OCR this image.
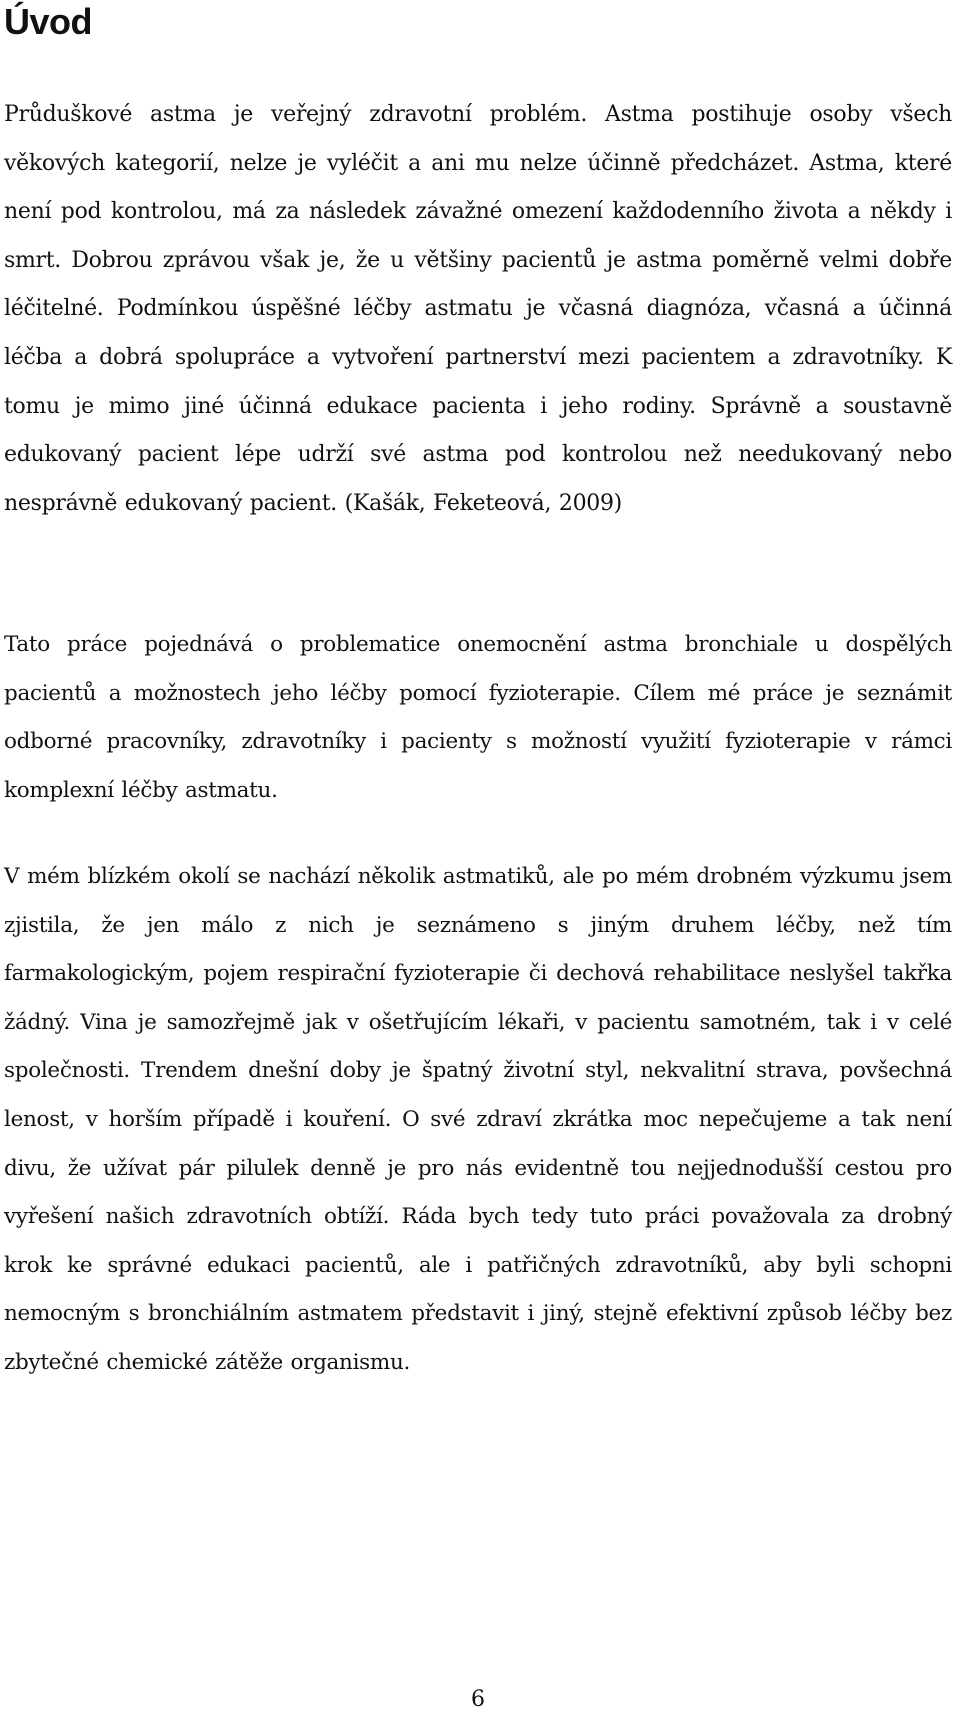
Úvod

Průduškové astma je veřejný zdravotní problém. Astma postihuje osoby všech věkových kategorií, nelze je vyléčit a ani mu nelze účinně předcházet. Astma, které není pod kontrolou, má za následek závažné omezení každodenního života a někdy i smrt. Dobrou zprávou však je, že u většiny pacientů je astma poměrně velmi dobře léčitelné. Podmínkou úspěšné léčby astmatu je včasná diagnóza, včasná a účinná léčba a dobrá spolupráce a vytvoření partnerství mezi pacientem a zdravotníky. K tomu je mimo jiné účinná edukace pacienta i jeho rodiny. Správně a soustavně edukovaný pacient lépe udrží své astma pod kontrolou než needukovaný nebo nesprávně edukovaný pacient. (Kašák, Feketeová, 2009)

Tato práce pojednává o problematice onemocnění astma bronchiale u dospělých pacientů a možnostech jeho léčby pomocí fyzioterapie. Cílem mé práce je seznámit odborné pracovníky, zdravotníky i pacienty s možností využití fyzioterapie v rámci komplexní léčby astmatu.

V mém blízkém okolí se nachází několik astmatiků, ale po mém drobném výzkumu jsem zjistila, že jen málo z nich je seznámeno s jiným druhem léčby, než tím farmakologickým, pojem respirační fyzioterapie či dechová rehabilitace neslyšel takřka žádný. Vina je samozřejmě jak v ošetřujícím lékaři, v pacientu samotném, tak i v celé společnosti. Trendem dnešní doby je špatný životní styl, nekvalitní strava, povšechná lenost, v horším případě i kouření. O své zdraví zkrátka moc nepečujeme a tak není divu, že užívat pár pilulek denně je pro nás evidentně tou nejjednodušší cestou pro vyřešení našich zdravotních obtíží. Ráda bych tedy tuto práci považovala za drobný krok ke správné edukaci pacientů, ale i patřičných zdravotníků, aby byli schopni nemocným s bronchiálním astmatem představit i jiný, stejně efektivní způsob léčby bez zbytečné chemické zátěže organismu.

6
